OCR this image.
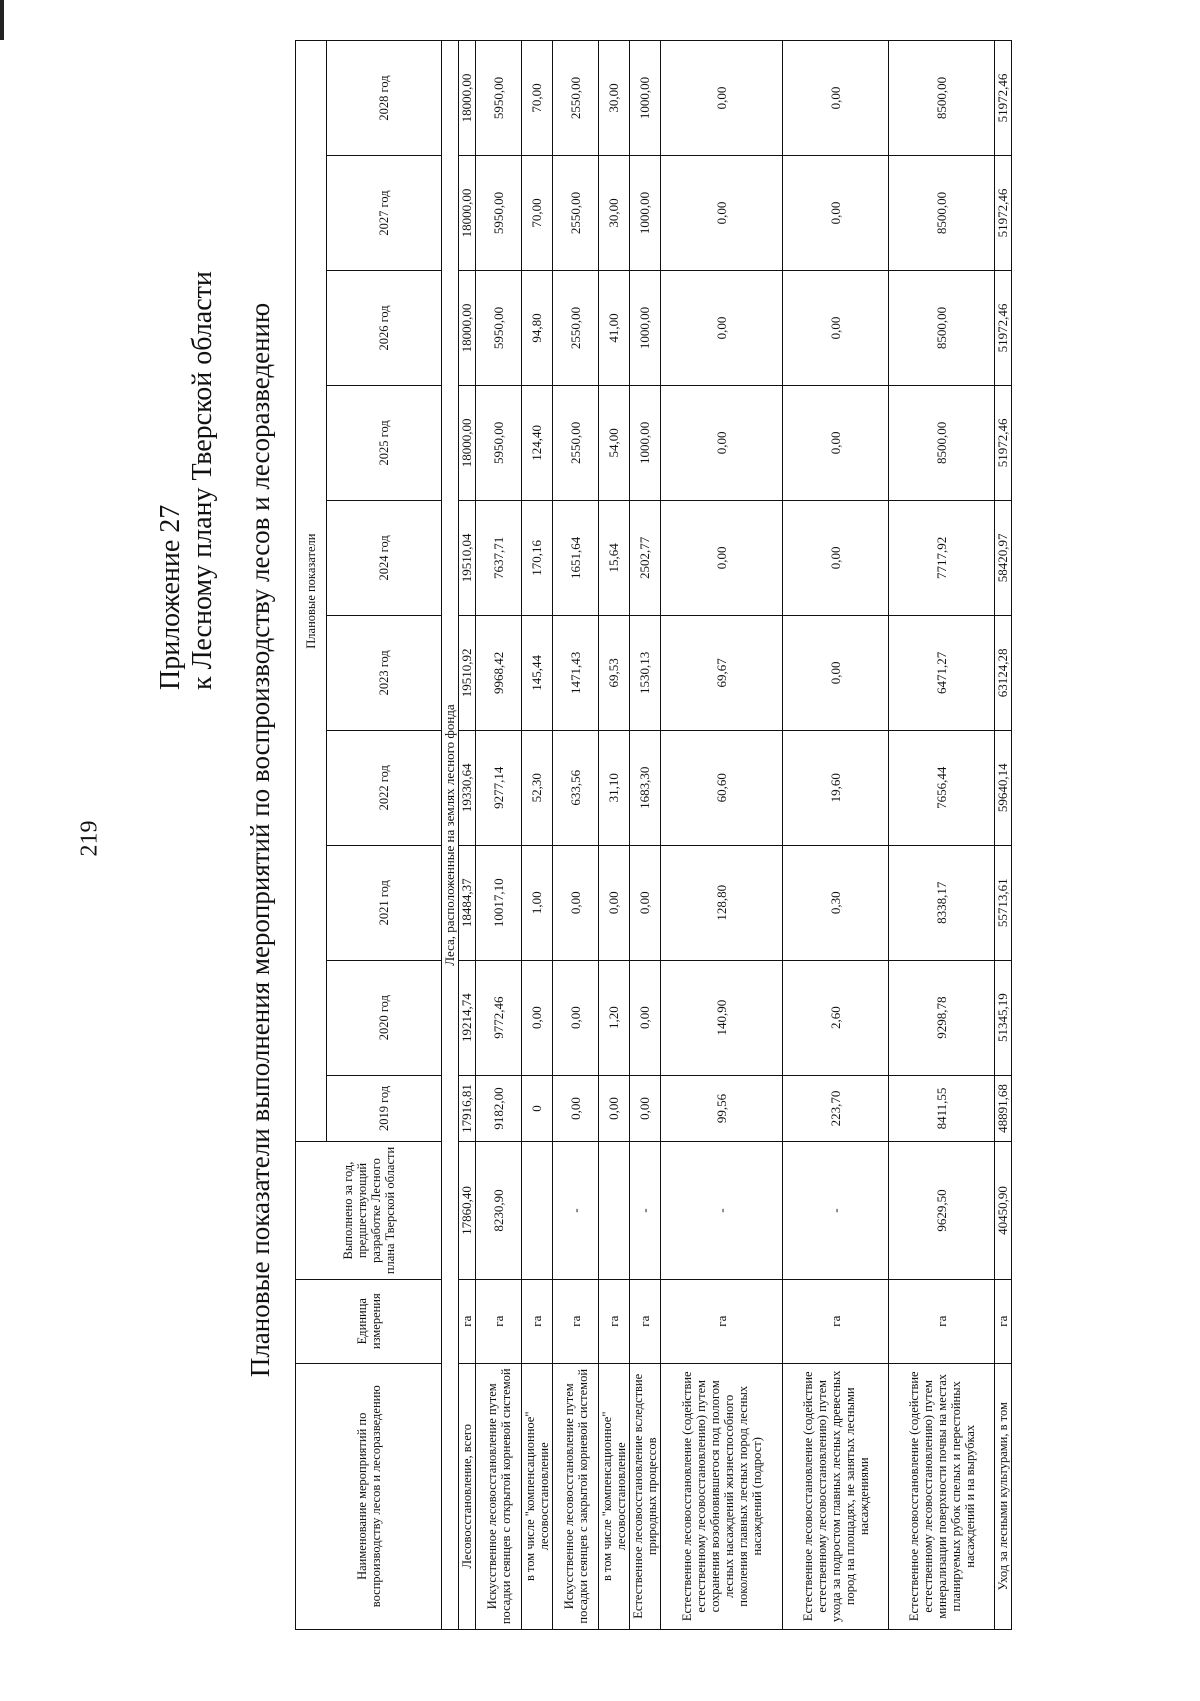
219
Приложение 27 к Лесному плану Тверской области Плановые показатели выполнения мероприятий по воспроизводству лесов и лесоразведению
Наименование мероприятий по воспроизводству лесов и лесоразведению	Единица измерения	Выполнено за год, предшествующий разработке Лесного плана Тверской области	Плановые показатели									
			2019 год	2020 год	2021 год	2022 год	2023 год	2024 год	2025 год	2026 год	2027 год	2028 год
Леса, расположенные на землях лесного фонда												
Лесовосстановление, всего	га	17860,40	17916,81	19214,74	18484,37	19330,64	19510,92	19510,04	18000,00	18000,00	18000,00	18000,00
Искусственное лесовосстановление путем посадки сеянцев с открытой корневой системой	га	8230,90	9182,00	9772,46	10017,10	9277,14	9968,42	7637,71	5950,00	5950,00	5950,00	5950,00
в том числе "компенсационное" лесовосстановление	га		0	0,00	1,00	52,30	145,44	170,16	124,40	94,80	70,00	70,00
Искусственное лесовосстановление путем посадки сеянцев с закрытой корневой системой	га	-	0,00	0,00	0,00	633,56	1471,43	1651,64	2550,00	2550,00	2550,00	2550,00
в том числе "компенсационное" лесовосстановление	га		0,00	1,20	0,00	31,10	69,53	15,64	54,00	41,00	30,00	30,00
Естественное лесовосстановление вследствие природных процессов	га	-	0,00	0,00	0,00	1683,30	1530,13	2502,77	1000,00	1000,00	1000,00	1000,00
Естественное лесовосстановление (содействие естественному лесовосстановлению) путем сохранения возобновившегося под пологом лесных насаждений жизнеспособного поколения главных лесных пород лесных насаждений (подрост)	га	-	99,56	140,90	128,80	60,60	69,67	0,00	0,00	0,00	0,00	0,00
Естественное лесовосстановление (содействие естественному лесовосстановлению) путем ухода за подростом главных лесных древесных пород на площадях, не занятых лесными насаждениями	га	-	223,70	2,60	0,30	19,60	0,00	0,00	0,00	0,00	0,00	0,00
Естественное лесовосстановление (содействие естественному лесовосстановлению) путем минерализации поверхности почвы на местах планируемых рубок спелых и перестойных насаждений и на вырубках	га	9629,50	8411,55	9298,78	8338,17	7656,44	6471,27	7717,92	8500,00	8500,00	8500,00	8500,00
Уход за лесными культурами, в том	га	40450,90	48891,68	51345,19	55713,61	59640,14	63124,28	58420,97	51972,46	51972,46	51972,46	51972,46
